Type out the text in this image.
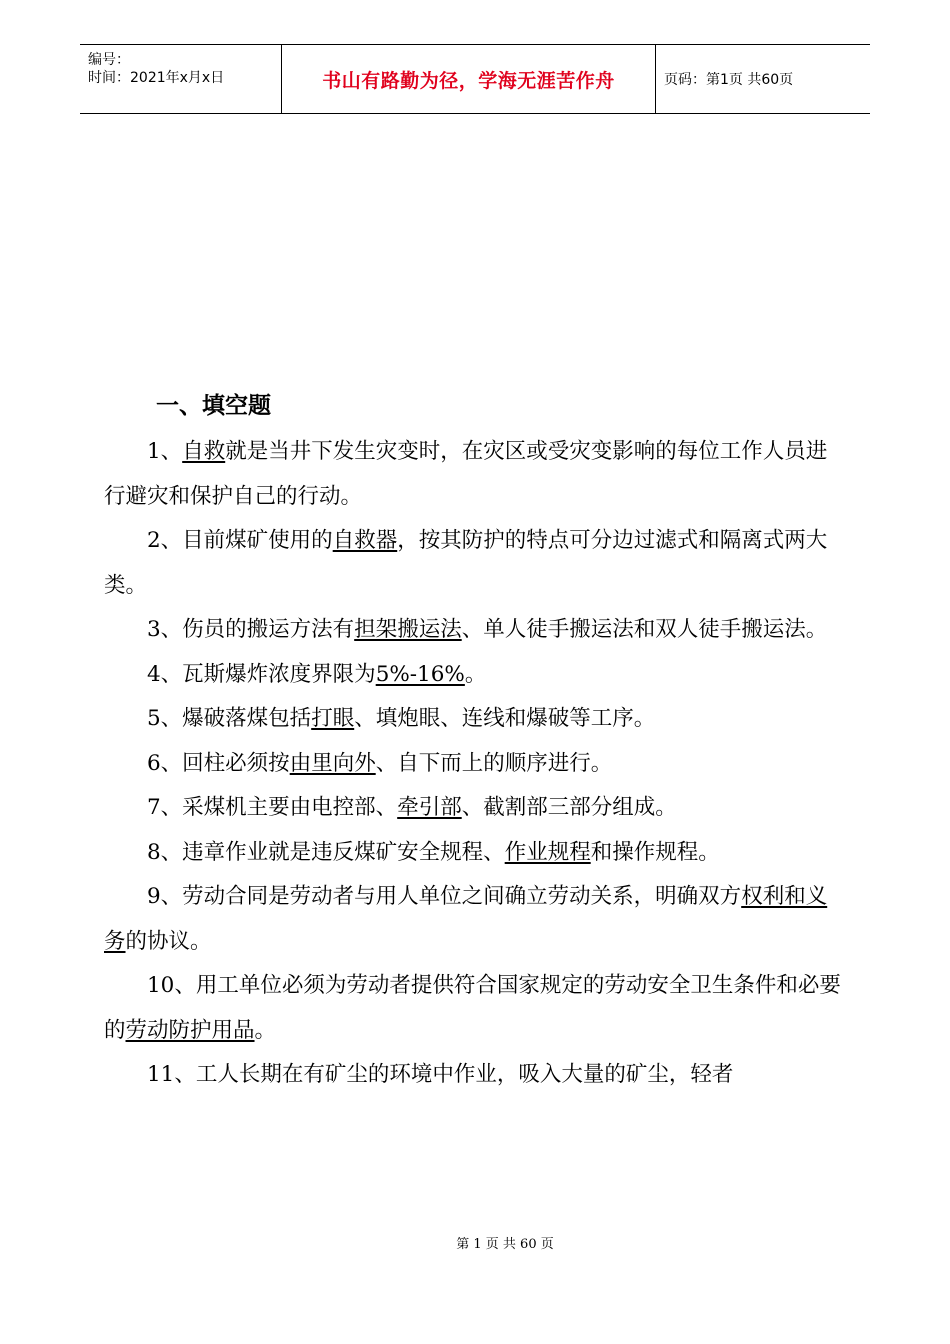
编号：
时间：2021年x月x日	书山有路勤为径，学海无涯苦作舟	页码：第1页 共60页
一、填空题

1、自救就是当井下发生灾变时，在灾区或受灾变影响的每位工作人员进行避灾和保护自己的行动。

2、目前煤矿使用的自救器，按其防护的特点可分边过滤式和隔离式两大类。

3、伤员的搬运方法有担架搬运法、单人徒手搬运法和双人徒手搬运法。

4、瓦斯爆炸浓度界限为5%-16%。

5、爆破落煤包括打眼、填炮眼、连线和爆破等工序。

6、回柱必须按由里向外、自下而上的顺序进行。

7、采煤机主要由电控部、牵引部、截割部三部分组成。

8、违章作业就是违反煤矿安全规程、作业规程和操作规程。

9、劳动合同是劳动者与用人单位之间确立劳动关系，明确双方权利和义务的协议。

10、用工单位必须为劳动者提供符合国家规定的劳动安全卫生条件和必要的劳动防护用品。

11、工人长期在有矿尘的环境中作业，吸入大量的矿尘，轻者

第 1 页 共 60 页
